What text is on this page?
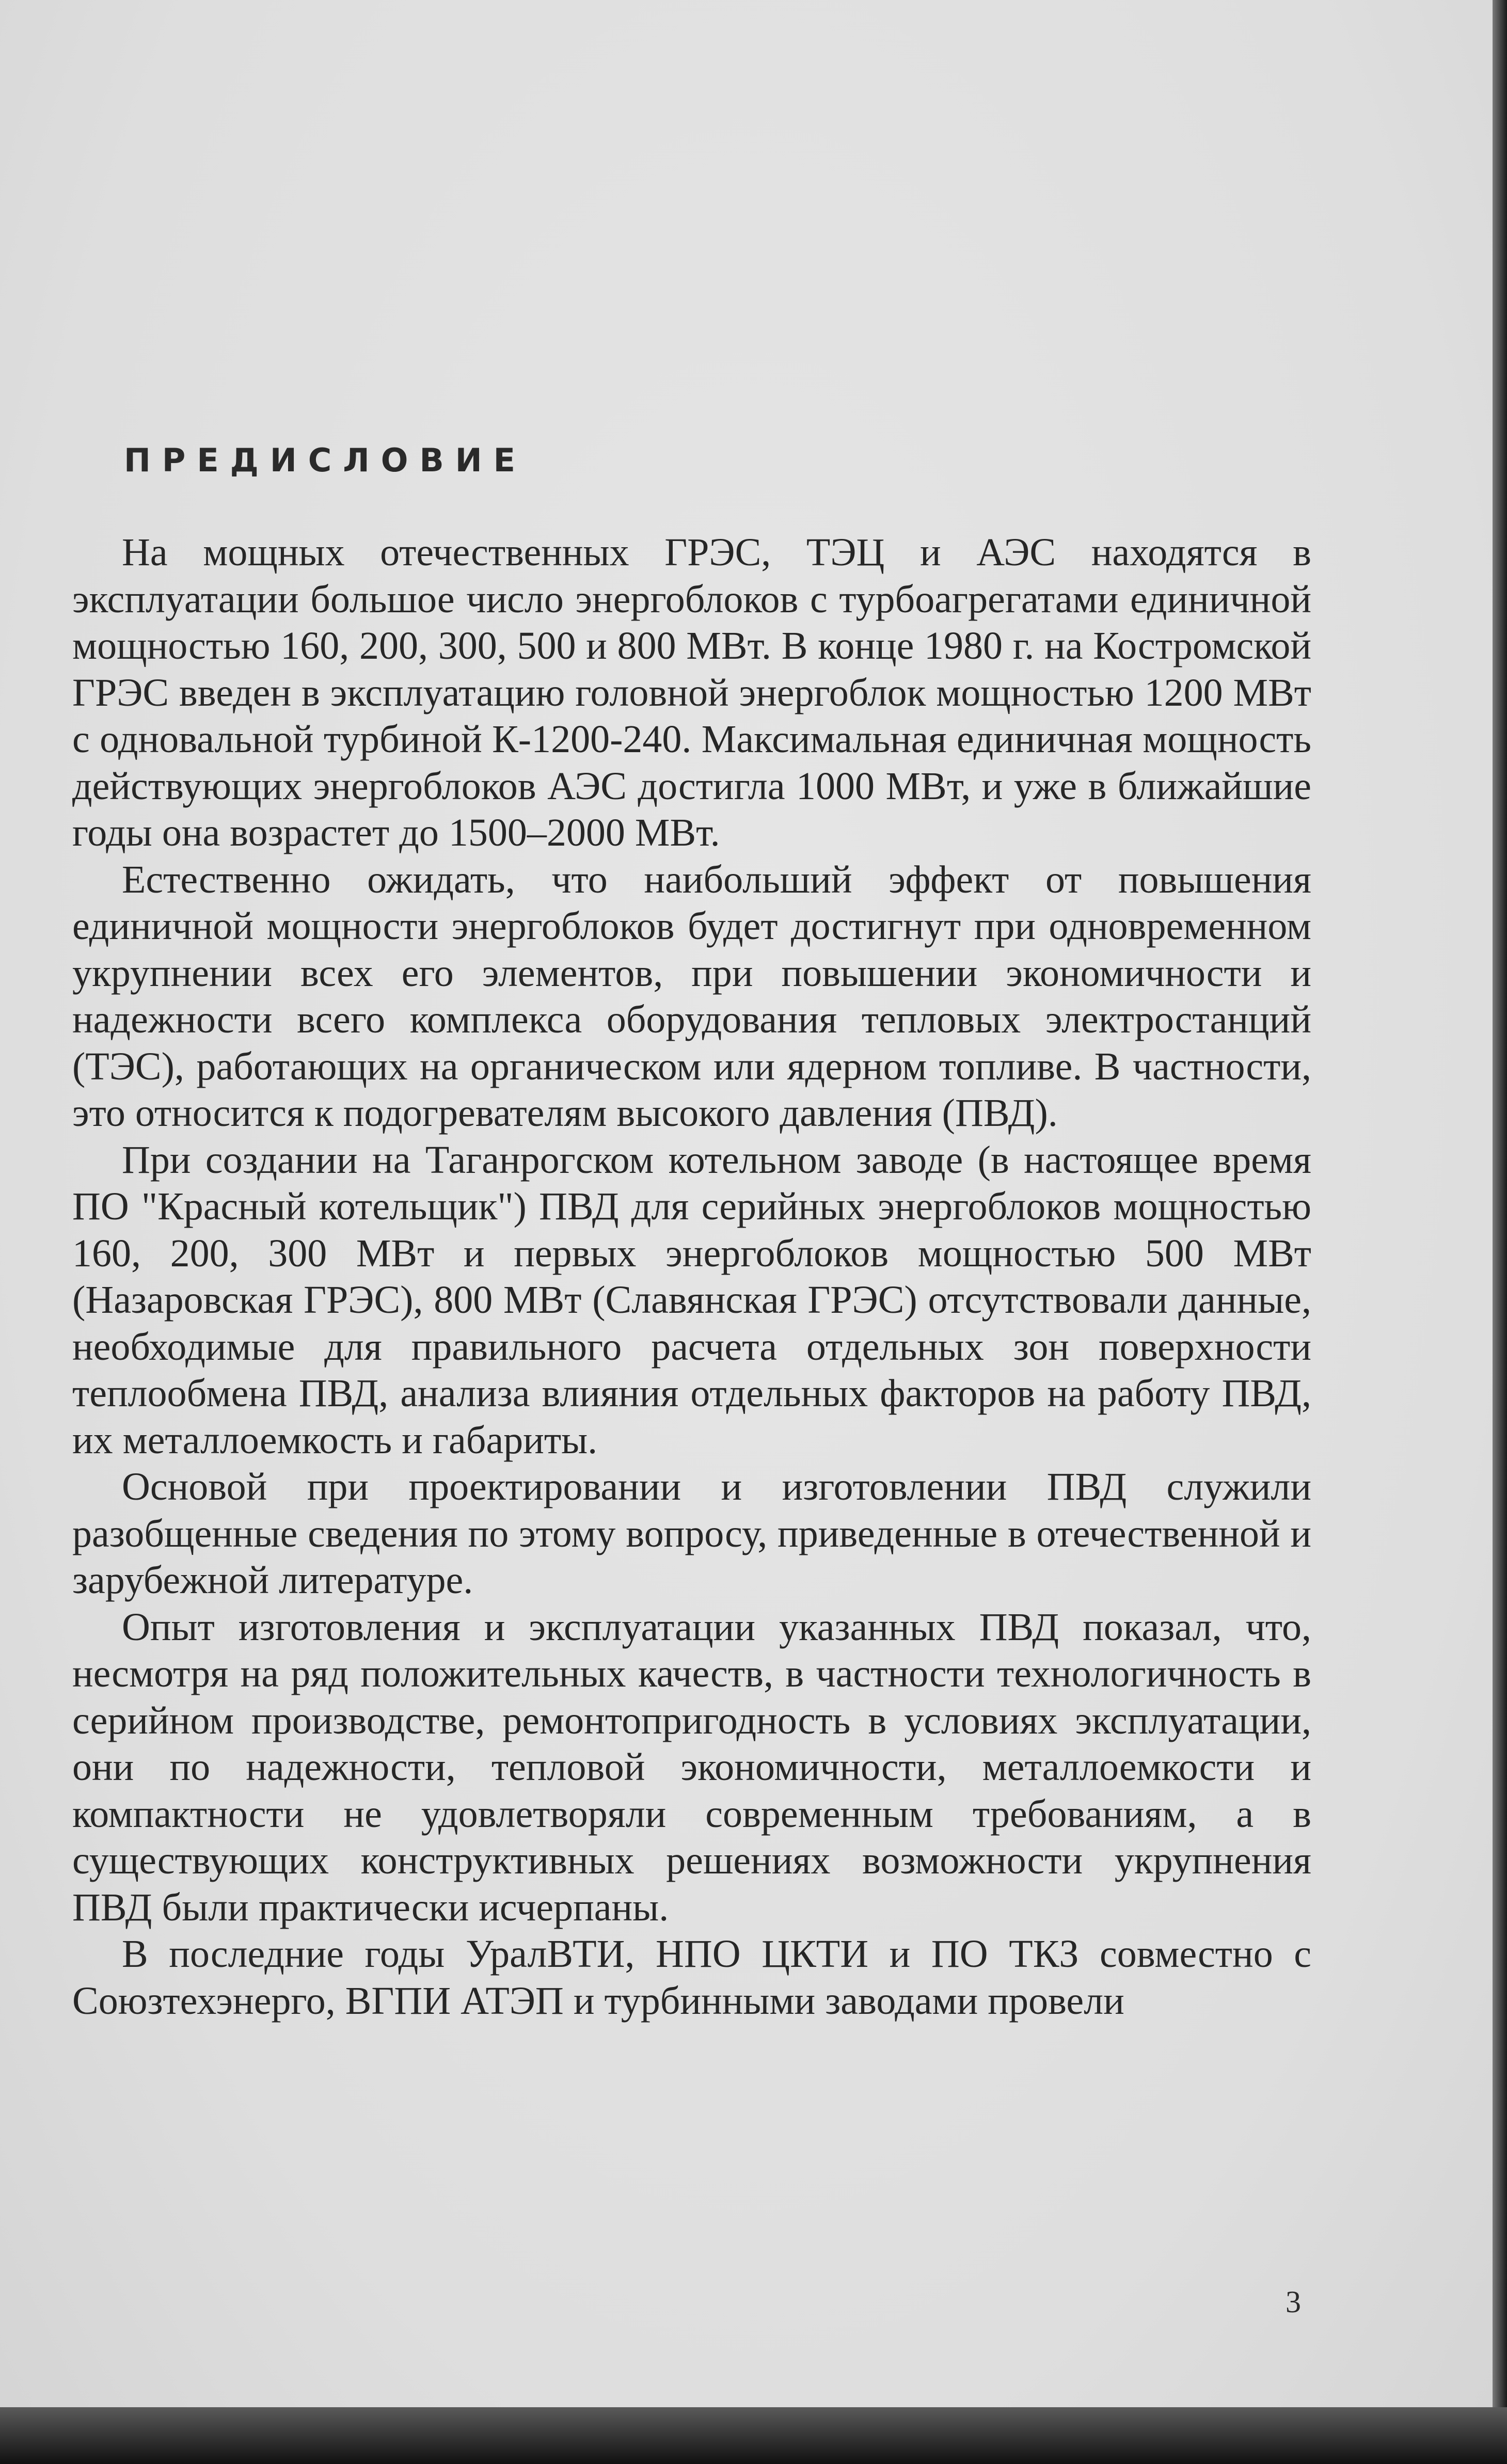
ПРЕДИСЛОВИЕ

На мощных отечественных ГРЭС, ТЭЦ и АЭС находятся в эксплуатации большое число энергоблоков с турбоагрегатами единичной мощностью 160, 200, 300, 500 и 800 МВт. В конце 1980 г. на Костромской ГРЭС введен в эксплуатацию головной энергоблок мощностью 1200 МВт с одновальной турбиной К-1200-240. Максимальная единичная мощность действующих энергоблоков АЭС достигла 1000 МВт, и уже в ближайшие годы она возрастет до 1500–2000 МВт.

Естественно ожидать, что наибольший эффект от повышения единичной мощности энергоблоков будет достигнут при одновременном укрупнении всех его элементов, при повышении экономичности и надежности всего комплекса оборудования тепловых электростанций (ТЭС), работающих на органическом или ядерном топливе. В частности, это относится к подогревателям высокого давления (ПВД).

При создании на Таганрогском котельном заводе (в настоящее время ПО "Красный котельщик") ПВД для серийных энергоблоков мощностью 160, 200, 300 МВт и первых энергоблоков мощностью 500 МВт (Назаровская ГРЭС), 800 МВт (Славянская ГРЭС) отсутствовали данные, необходимые для правильного расчета отдельных зон поверхности теплообмена ПВД, анализа влияния отдельных факторов на работу ПВД, их металлоемкость и габариты.

Основой при проектировании и изготовлении ПВД служили разобщенные сведения по этому вопросу, приведенные в отечественной и зарубежной литературе.

Опыт изготовления и эксплуатации указанных ПВД показал, что, несмотря на ряд положительных качеств, в частности технологичность в серийном производстве, ремонтопригодность в условиях эксплуатации, они по надежности, тепловой экономичности, металлоемкости и компактности не удовлетворяли современным требованиям, а в существующих конструктивных решениях возможности укрупнения ПВД были практически исчерпаны.

В последние годы УралВТИ, НПО ЦКТИ и ПО ТКЗ совместно с Союзтехэнерго, ВГПИ АТЭП и турбинными заводами провели

3
